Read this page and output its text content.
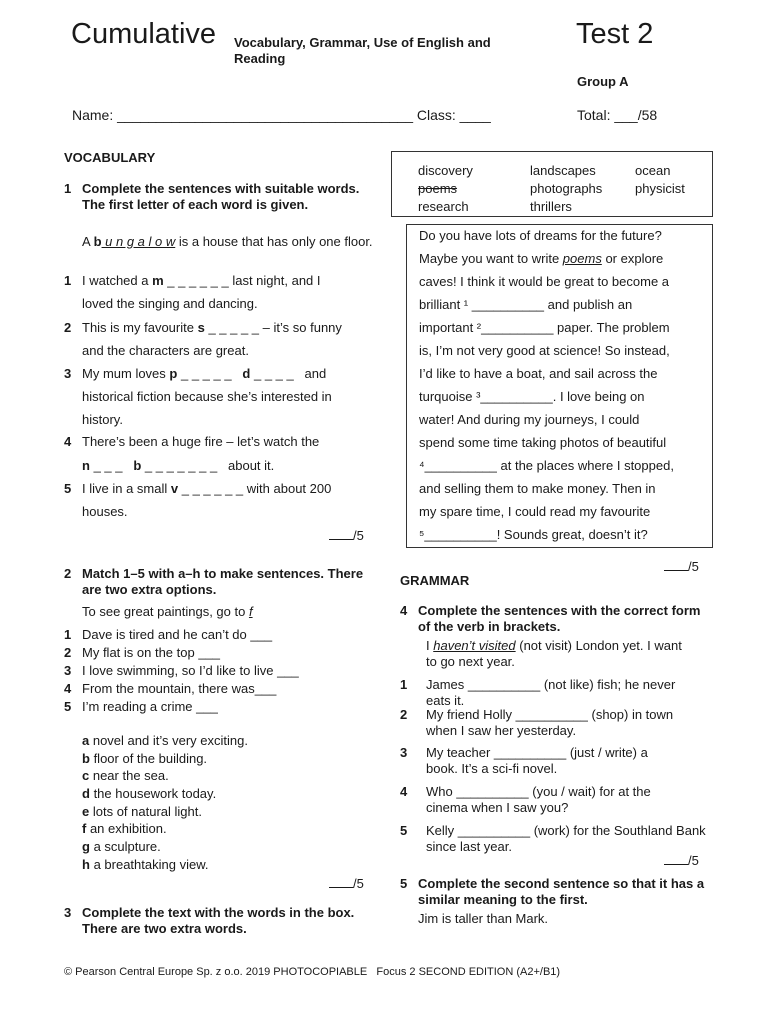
Cumulative Vocabulary, Grammar, Use of English and
Reading
Test 2
Group A
Name: ______________________________________ Class: ____	Total: ___/58
VOCABULARY
1 Complete the sentences with suitable words. The first letter of each word is given.
A b u n g a l o w is a house that has only one floor.
1 I watched a m _ _ _ _ _ _ last night, and I
loved the singing and dancing.
2 This is my favourite s _ _ _ _ _ – it’s so funny
and the characters are great.
3 My mum loves p _ _ _ _ _   d _ _ _ _   and
historical fiction because she’s interested in
history.
4 There’s been a huge fire – let’s watch the
n _ _ _   b _ _ _ _ _ _ _   about it.
5 I live in a small v _ _ _ _ _ _ with about 200
houses.
/5
2 Match 1–5 with a–h to make sentences. There are two extra options.
To see great paintings, go to f
1 Dave is tired and he can’t do ___
2 My flat is on the top ___
3 I love swimming, so I’d like to live ___
4 From the mountain, there was___
5 I’m reading a crime ___
a novel and it’s very exciting.
b floor of the building.
c near the sea.
d the housework today.
e lots of natural light.
f an exhibition.
g a sculpture.
h a breathtaking view.
/5
3 Complete the text with the words in the box. There are two extra words.
discovery
poems
research
landscapes
photographs
thrillers
ocean
physicist
Do you have lots of dreams for the future?
Maybe you want to write poems or explore
caves! I think it would be great to become a
brilliant ¹ __________ and publish an
important ²__________ paper. The problem
is, I’m not very good at science! So instead,
I’d like to have a boat, and sail across the
turquoise ³__________. I love being on
water! And during my journeys, I could
spend some time taking photos of beautiful
⁴__________ at the places where I stopped,
and selling them to make money. Then in
my spare time, I could read my favourite
⁵__________! Sounds great, doesn’t it?
/5
GRAMMAR
4 Complete the sentences with the correct form of the verb in brackets.
I haven’t visited (not visit) London yet. I want to go next year.
1 James __________ (not like) fish; he never eats it.
2 My friend Holly __________ (shop) in town when I saw her yesterday.
3 My teacher __________ (just / write) a book. It’s a sci-fi novel.
4 Who __________ (you / wait) for at the cinema when I saw you?
5 Kelly __________ (work) for the Southland Bank since last year.
/5
5 Complete the second sentence so that it has a similar meaning to the first.
Jim is taller than Mark.
© Pearson Central Europe Sp. z o.o. 2019 PHOTOCOPIABLE   Focus 2 SECOND EDITION (A2+/B1)
